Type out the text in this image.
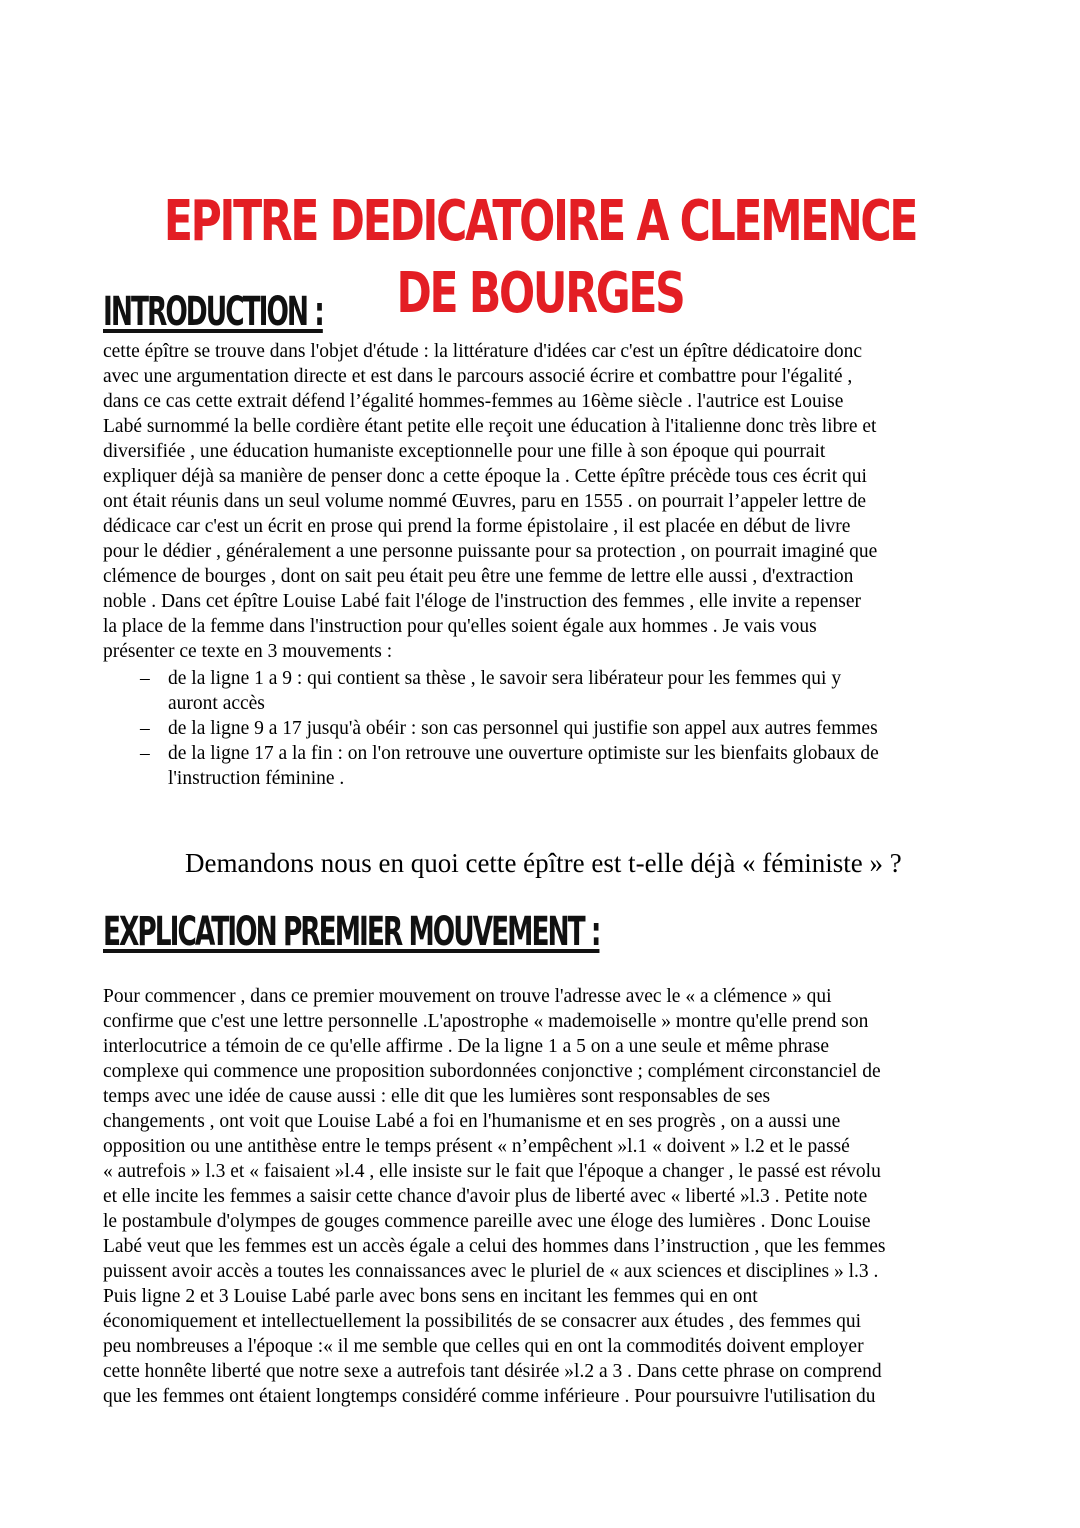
EPITRE DEDICATOIRE A CLEMENCE DE BOURGES
INTRODUCTION :

cette épître se trouve dans l'objet d'étude : la littérature d'idées car c'est un épître dédicatoire donc

avec une argumentation directe et est dans le parcours associé écrire et combattre pour l'égalité ,

dans ce cas cette extrait défend l’égalité hommes-femmes au 16ème siècle . l'autrice est Louise

Labé surnommé la belle cordière étant petite elle reçoit une éducation à l'italienne donc très libre et

diversifiée , une éducation humaniste exceptionnelle pour une fille à son époque qui pourrait

expliquer déjà sa manière de penser donc a cette époque la . Cette épître précède tous ces écrit qui

ont était réunis dans un seul volume nommé Œuvres, paru en 1555 . on pourrait l’appeler lettre de

dédicace car c'est un écrit en prose qui prend la forme épistolaire , il est placée en début de livre

pour le dédier , généralement a une personne puissante pour sa protection , on pourrait imaginé que

clémence de bourges , dont on sait peu était peu être une femme de lettre elle aussi , d'extraction

noble . Dans cet épître Louise Labé fait l'éloge de l'instruction des femmes , elle invite a repenser

la place de la femme dans l'instruction pour qu'elles soient égale aux hommes . Je vais vous

présenter ce texte en 3 mouvements :

– de la ligne 1 a 9 : qui contient sa thèse , le savoir sera libérateur pour les femmes qui y
auront accès
– de la ligne 9 a 17 jusqu'à obéir : son cas personnel qui justifie son appel aux autres femmes
– de la ligne 17 a la fin : on l'on retrouve une ouverture optimiste sur les bienfaits globaux de
l'instruction féminine .
Demandons nous en quoi cette épître est t-elle déjà « féministe » ?
EXPLICATION PREMIER MOUVEMENT :

Pour commencer , dans ce premier mouvement on trouve l'adresse avec le « a clémence » qui

confirme que c'est une lettre personnelle .L'apostrophe « mademoiselle » montre qu'elle prend son

interlocutrice a témoin de ce qu'elle affirme . De la ligne 1 a 5 on a une seule et même phrase

complexe qui commence une proposition subordonnées conjonctive ; complément circonstanciel de

temps avec une idée de cause aussi : elle dit que les lumières sont responsables de ses

changements , ont voit que Louise Labé a foi en l'humanisme et en ses progrès , on a aussi une

opposition ou une antithèse entre le temps présent « n’empêchent »l.1 « doivent » l.2 et le passé

« autrefois » l.3 et « faisaient »l.4 , elle insiste sur le fait que l'époque a changer , le passé est révolu

et elle incite les femmes a saisir cette chance d'avoir plus de liberté avec « liberté »l.3 . Petite note

le postambule d'olympes de gouges commence pareille avec une éloge des lumières . Donc Louise

Labé veut que les femmes est un accès égale a celui des hommes dans l’instruction , que les femmes

puissent avoir accès a toutes les connaissances avec le pluriel de « aux sciences et disciplines » l.3 .

Puis ligne 2 et 3 Louise Labé parle avec bons sens en incitant les femmes qui en ont

économiquement et intellectuellement la possibilités de se consacrer aux études , des femmes qui

peu nombreuses a l'époque :« il me semble que celles qui en ont la commodités doivent employer

cette honnête liberté que notre sexe a autrefois tant désirée »l.2 a 3 . Dans cette phrase on comprend

que les femmes ont étaient longtemps considéré comme inférieure . Pour poursuivre l'utilisation du
